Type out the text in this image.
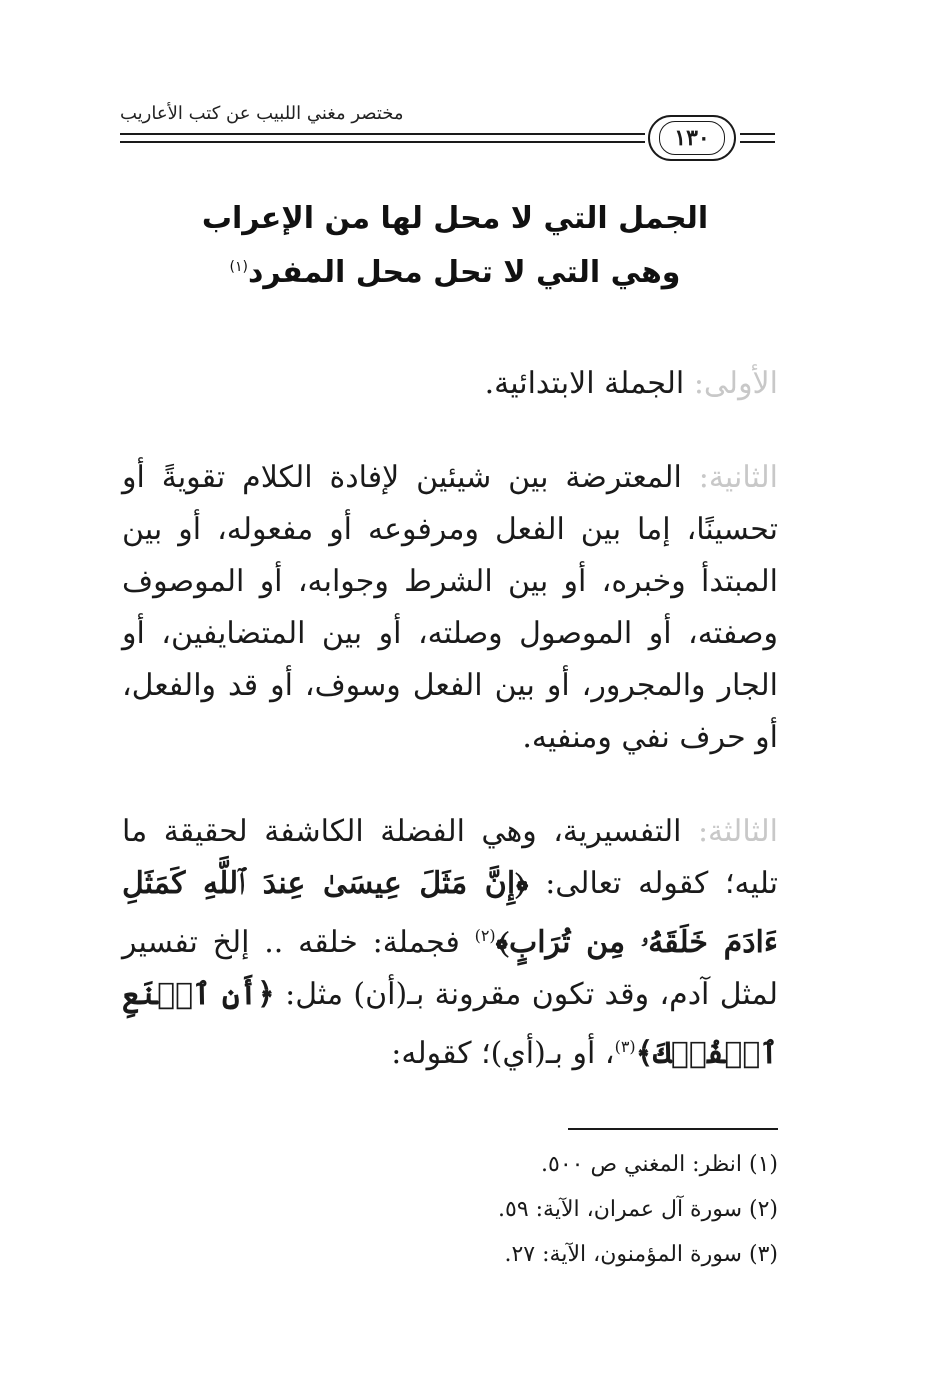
مختصر مغني اللبيب عن كتب الأعاريب
١٣٠
الجمل التي لا محل لها من الإعراب
وهي التي لا تحل محل المفرد$^{(١)}$

الأولى: الجملة الابتدائية.

الثانية: المعترضة بين شيئين لإفادة الكلام تقويةً أو تحسينًا، إما بين الفعل ومرفوعه أو مفعوله، أو بين المبتدأ وخبره، أو بين الشرط وجوابه، أو الموصوف وصفته، أو الموصول وصلته، أو بين المتضايفين، أو الجار والمجرور، أو بين الفعل وسوف، أو قد والفعل، أو حرف نفي ومنفيه.

الثالثة: التفسيرية، وهي الفضلة الكاشفة لحقيقة ما تليه؛ كقوله تعالى: ﴿إِنَّ مَثَلَ عِيسَىٰ عِندَ ٱللَّهِ كَمَثَلِ ءَادَمَ خَلَقَهُۥ مِن تُرَابٍ﴾$^{(٢)}$ فجملة: خلقه .. إلخ تفسير لمثل آدم، وقد تكون مقرونة بـ(أن) مثل: ﴿أَنِ ٱصۡنَعِ ٱلۡفُلۡكَ﴾$^{(٣)}$، أو بـ(أي)؛ كقوله:

(١) انظر: المغني ص ٥٠٠.
(٢) سورة آل عمران، الآية: ٥٩.
(٣) سورة المؤمنون، الآية: ٢٧.
